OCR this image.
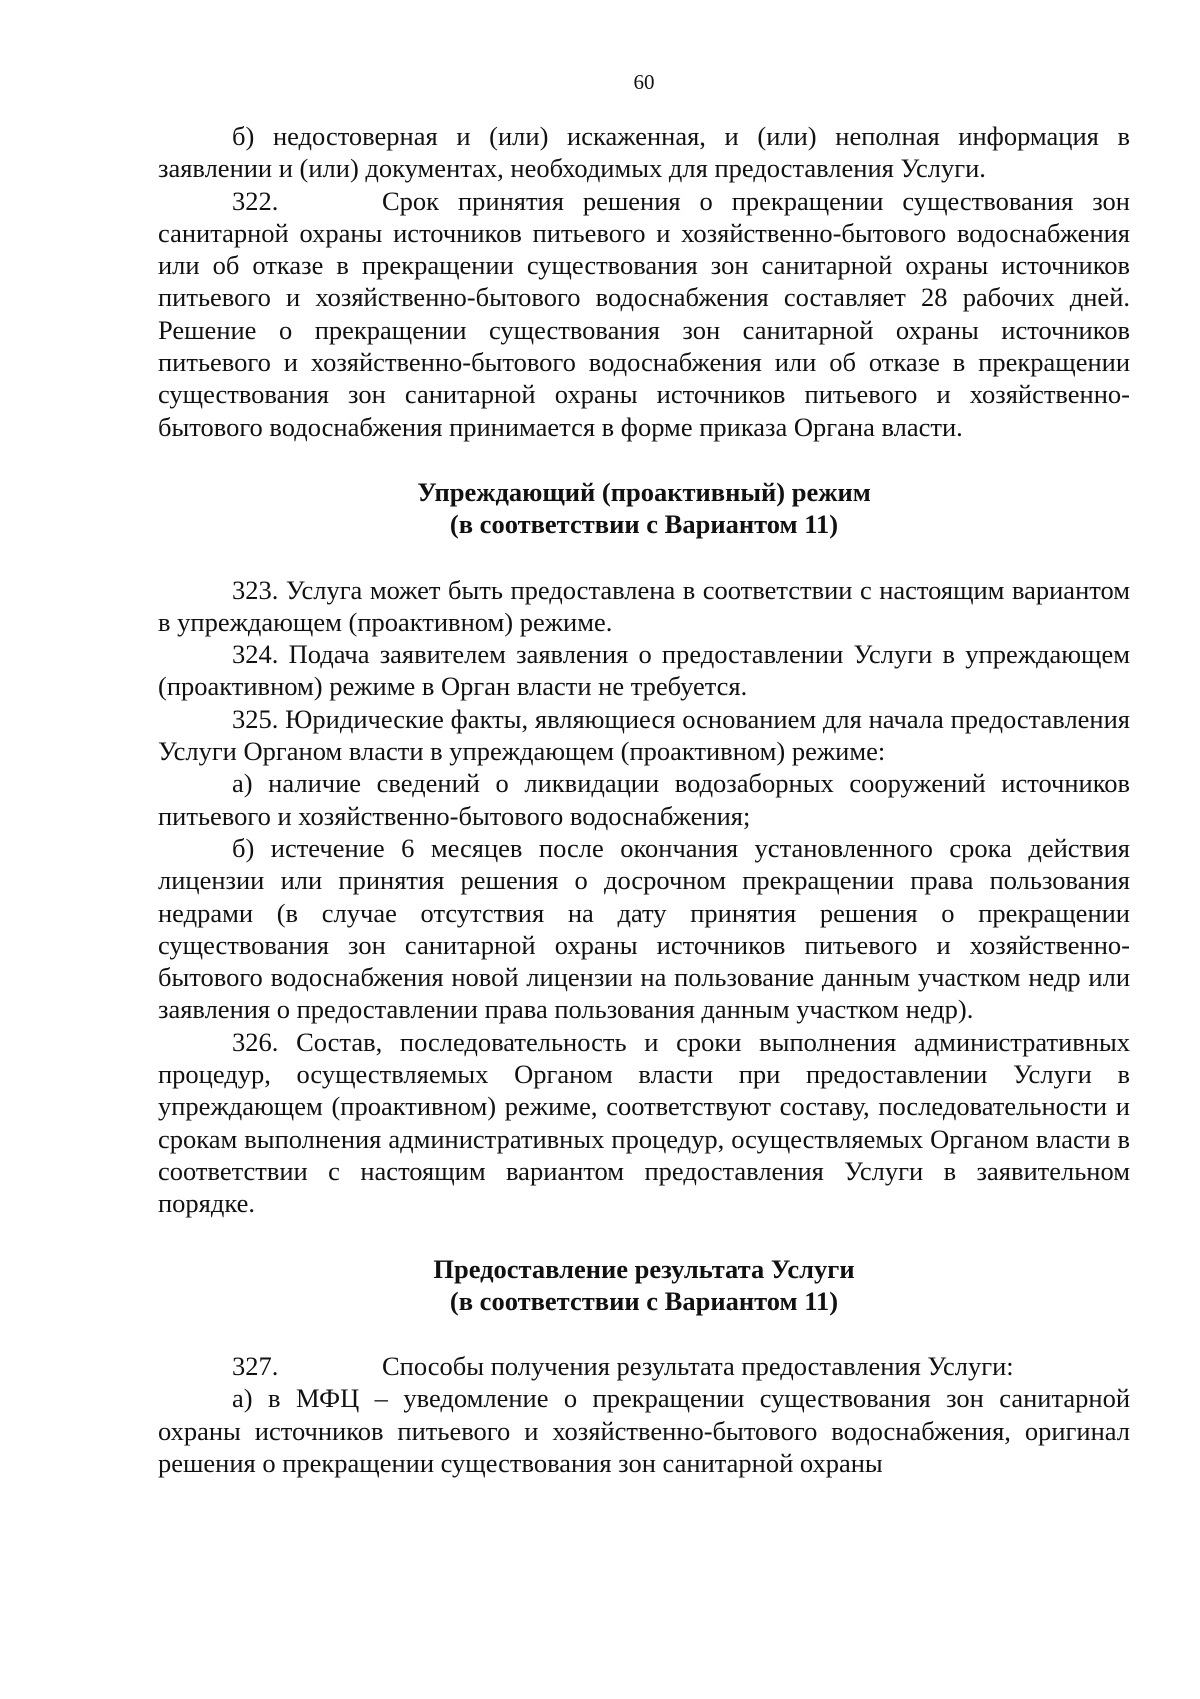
60

б) недостоверная и (или) искаженная, и (или) неполная информация в заявлении и (или) документах, необходимых для предоставления Услуги.

322.	Срок принятия решения о прекращении существования зон санитарной охраны источников питьевого и хозяйственно-бытового водоснабжения или об отказе в прекращении существования зон санитарной охраны источников питьевого и хозяйственно-бытового водоснабжения составляет 28 рабочих дней. Решение о прекращении существования зон санитарной охраны источников питьевого и хозяйственно-бытового водоснабжения или об отказе в прекращении существования зон санитарной охраны источников питьевого и хозяйственно-бытового водоснабжения принимается в форме приказа Органа власти.

Упреждающий (проактивный) режим
(в соответствии с Вариантом 11)

323. Услуга может быть предоставлена в соответствии с настоящим вариантом в упреждающем (проактивном) режиме.

324. Подача заявителем заявления о предоставлении Услуги в упреждающем (проактивном) режиме в Орган власти не требуется.

325. Юридические факты, являющиеся основанием для начала предоставления Услуги Органом власти в упреждающем (проактивном) режиме:

а) наличие сведений о ликвидации водозаборных сооружений источников питьевого и хозяйственно-бытового водоснабжения;

б) истечение 6 месяцев после окончания установленного срока действия лицензии или принятия решения о досрочном прекращении права пользования недрами (в случае отсутствия на дату принятия решения о прекращении существования зон санитарной охраны источников питьевого и хозяйственно-бытового водоснабжения новой лицензии на пользование данным участком недр или заявления о предоставлении права пользования данным участком недр).

326. Состав, последовательность и сроки выполнения административных процедур, осуществляемых Органом власти при предоставлении Услуги в упреждающем (проактивном) режиме, соответствуют составу, последовательности и срокам выполнения административных процедур, осуществляемых Органом власти в соответствии с настоящим вариантом предоставления Услуги в заявительном порядке.

Предоставление результата Услуги
(в соответствии с Вариантом 11)

327.	Способы получения результата предоставления Услуги:

а) в МФЦ – уведомление о прекращении существования зон санитарной охраны источников питьевого и хозяйственно-бытового водоснабжения, оригинал решения о прекращении существования зон санитарной охраны
